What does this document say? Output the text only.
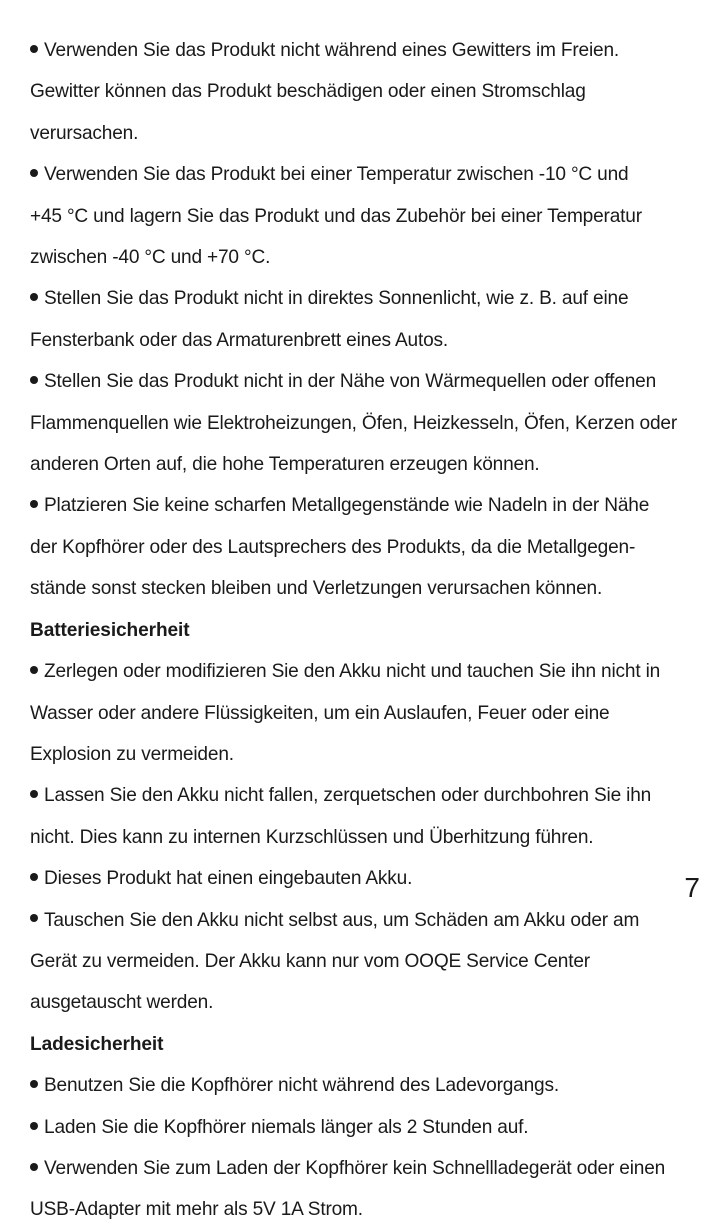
Verwenden Sie das Produkt nicht während eines Gewitters im Freien.
Gewitter können das Produkt beschädigen oder einen Stromschlag
verursachen.
Verwenden Sie das Produkt bei einer Temperatur zwischen -10 °C und
+45 °C und lagern Sie das Produkt und das Zubehör bei einer Temperatur
zwischen -40 °C und +70 °C.
Stellen Sie das Produkt nicht in direktes Sonnenlicht, wie z. B. auf eine
Fensterbank oder das Armaturenbrett eines Autos.
Stellen Sie das Produkt nicht in der Nähe von Wärmequellen oder offenen
Flammenquellen wie Elektroheizungen, Öfen, Heizkesseln, Öfen, Kerzen oder
anderen Orten auf, die hohe Temperaturen erzeugen können.
Platzieren Sie keine scharfen Metallgegenstände wie Nadeln in der Nähe
der Kopfhörer oder des Lautsprechers des Produkts, da die Metallgegen-
stände sonst stecken bleiben und Verletzungen verursachen können.
Batteriesicherheit
Zerlegen oder modifizieren Sie den Akku nicht und tauchen Sie ihn nicht in
Wasser oder andere Flüssigkeiten, um ein Auslaufen, Feuer oder eine
Explosion zu vermeiden.
Lassen Sie den Akku nicht fallen, zerquetschen oder durchbohren Sie ihn
nicht. Dies kann zu internen Kurzschlüssen und Überhitzung führen.
Dieses Produkt hat einen eingebauten Akku.
Tauschen Sie den Akku nicht selbst aus, um Schäden am Akku oder am
Gerät zu vermeiden. Der Akku kann nur vom OOQE Service Center
ausgetauscht werden.
Ladesicherheit
Benutzen Sie die Kopfhörer nicht während des Ladevorgangs.
Laden Sie die Kopfhörer niemals länger als 2 Stunden auf.
Verwenden Sie zum Laden der Kopfhörer kein Schnellladegerät oder einen
USB-Adapter mit mehr als 5V 1A Strom.
7
